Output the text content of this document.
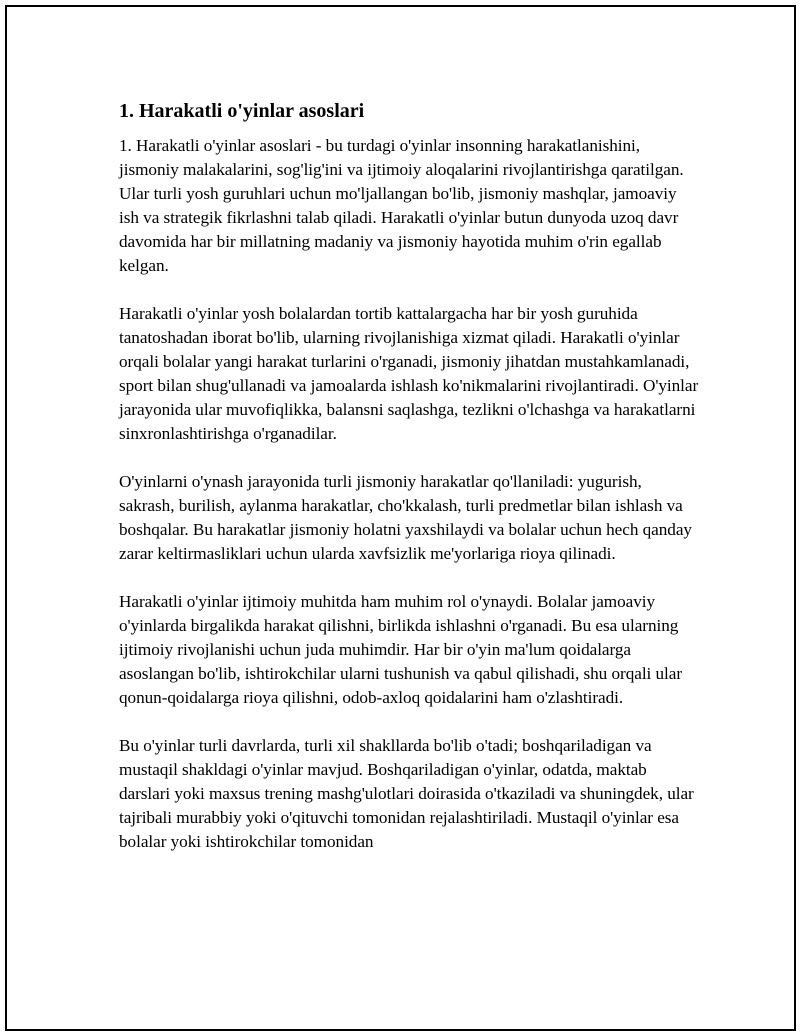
1. Harakatli o'yinlar asoslari

1. Harakatli o'yinlar asoslari - bu turdagi o'yinlar insonning harakatlanishini, jismoniy malakalarini, sog'lig'ini va ijtimoiy aloqalarini rivojlantirishga qaratilgan. Ular turli yosh guruhlari uchun mo'ljallangan bo'lib, jismoniy mashqlar, jamoaviy ish va strategik fikrlashni talab qiladi. Harakatli o'yinlar butun dunyoda uzoq davr davomida har bir millatning madaniy va jismoniy hayotida muhim o'rin egallab kelgan.

Harakatli o'yinlar yosh bolalardan tortib kattalargacha har bir yosh guruhida tanatoshadan iborat bo'lib, ularning rivojlanishiga xizmat qiladi. Harakatli o'yinlar orqali bolalar yangi harakat turlarini o'rganadi, jismoniy jihatdan mustahkamlanadi, sport bilan shug'ullanadi va jamoalarda ishlash ko'nikmalarini rivojlantiradi. O'yinlar jarayonida ular muvofiqlikka, balansni saqlashga, tezlikni o'lchashga va harakatlarni sinxronlashtirishga o'rganadilar.

O'yinlarni o'ynash jarayonida turli jismoniy harakatlar qo'llaniladi: yugurish, sakrash, burilish, aylanma harakatlar, cho'kkalash, turli predmetlar bilan ishlash va boshqalar. Bu harakatlar jismoniy holatni yaxshilaydi va bolalar uchun hech qanday zarar keltirmasliklari uchun ularda xavfsizlik me'yorlariga rioya qilinadi.

Harakatli o'yinlar ijtimoiy muhitda ham muhim rol o'ynaydi. Bolalar jamoaviy o'yinlarda birgalikda harakat qilishni, birlikda ishlashni o'rganadi. Bu esa ularning ijtimoiy rivojlanishi uchun juda muhimdir. Har bir o'yin ma'lum qoidalarga asoslangan bo'lib, ishtirokchilar ularni tushunish va qabul qilishadi, shu orqali ular qonun-qoidalarga rioya qilishni, odob-axloq qoidalarini ham o'zlashtiradi.

Bu o'yinlar turli davrlarda, turli xil shakllarda bo'lib o'tadi; boshqariladigan va mustaqil shakldagi o'yinlar mavjud. Boshqariladigan o'yinlar, odatda, maktab darslari yoki maxsus trening mashg'ulotlari doirasida o'tkaziladi va shuningdek, ular tajribali murabbiy yoki o'qituvchi tomonidan rejalashtiriladi. Mustaqil o'yinlar esa bolalar yoki ishtirokchilar tomonidan
